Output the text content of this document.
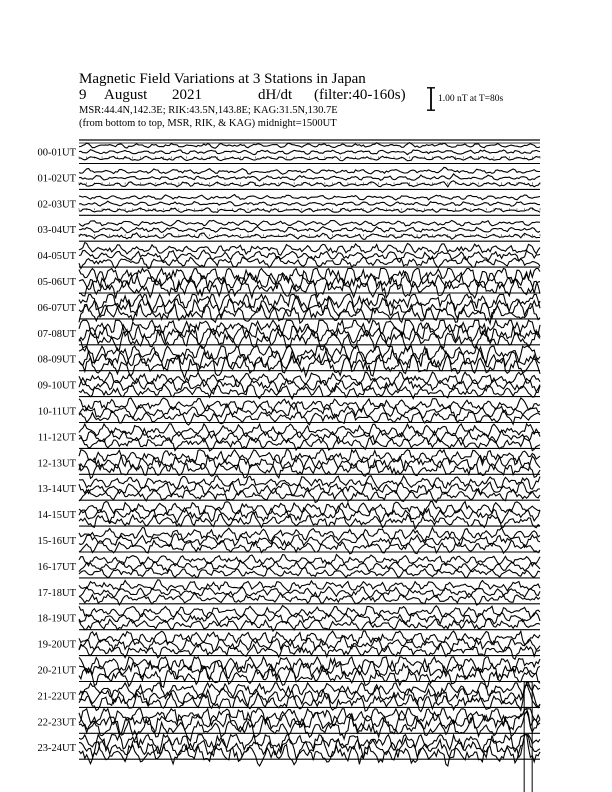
Magnetic Field Variations at 3 Stations in Japan
9 August 2021	dH/dt (filter:40-160s)
MSR:44.4N,142.3E; RIK:43.5N,143.8E; KAG:31.5N,130.7E
(from bottom to top, MSR, RIK, & KAG) midnight=1500UT
1.00 nT at T=80s
00-01UT
01-02UT
02-03UT
03-04UT
04-05UT
05-06UT
06-07UT
07-08UT
08-09UT
09-10UT
10-11UT
11-12UT
12-13UT
13-14UT
14-15UT
15-16UT
16-17UT
17-18UT
18-19UT
19-20UT
20-21UT
21-22UT
22-23UT
23-24UT
